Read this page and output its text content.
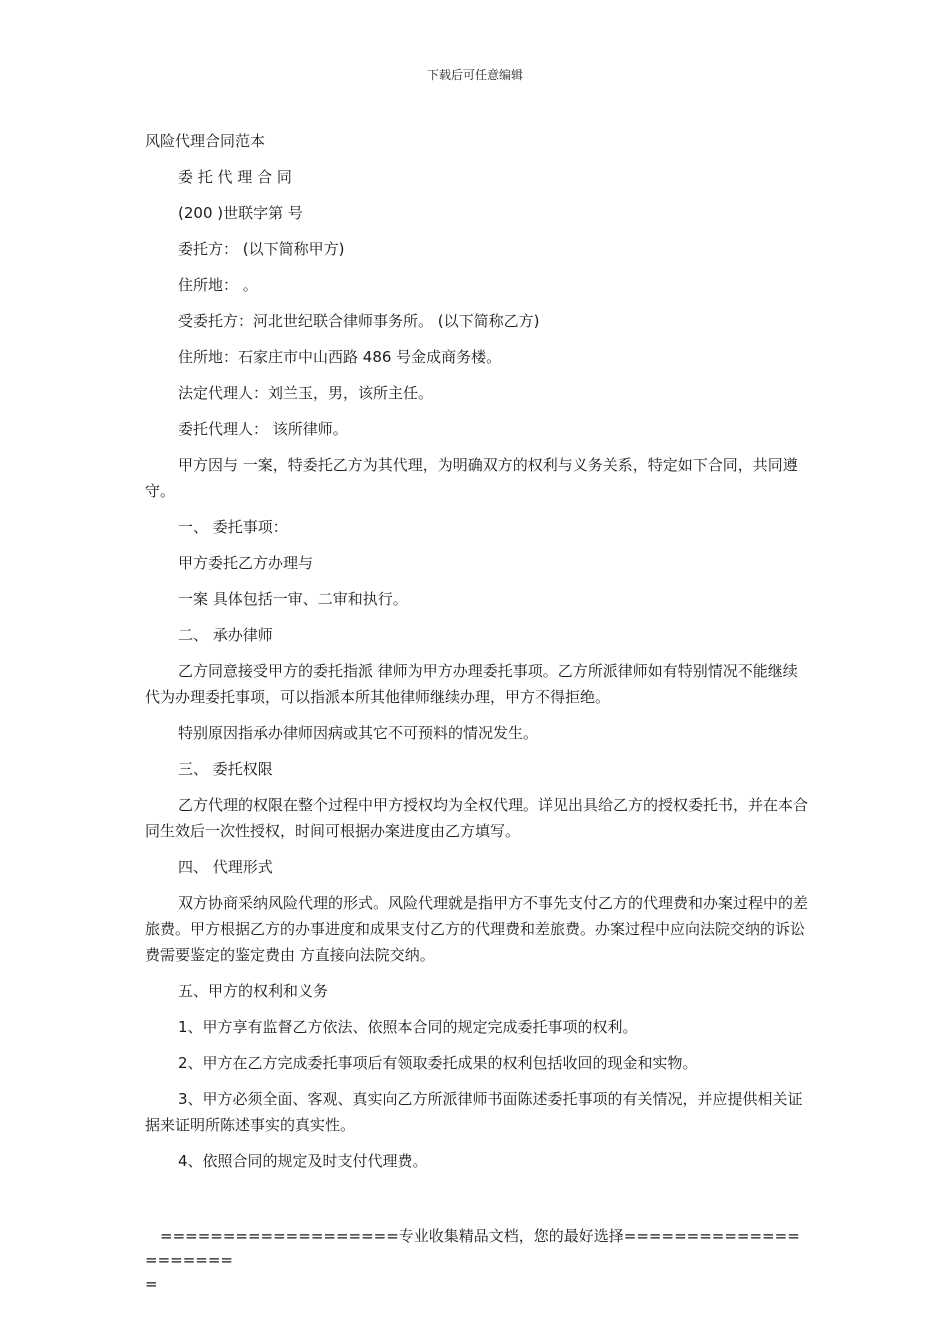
下载后可任意编辑

风险代理合同范本

委 托 代 理 合 同

(200 )世联字第 号

委托方： (以下简称甲方)

住所地： 。

受委托方：河北世纪联合律师事务所。 (以下简称乙方)

住所地：石家庄市中山西路 486 号金成商务楼。

法定代理人：刘兰玉，男，该所主任。

委托代理人： 该所律师。

甲方因与 一案，特委托乙方为其代理，为明确双方的权利与义务关系，特定如下合同，共同遵守。

一、 委托事项：

甲方委托乙方办理与

一案 具体包括一审、二审和执行。

二、 承办律师

乙方同意接受甲方的委托指派 律师为甲方办理委托事项。乙方所派律师如有特别情况不能继续代为办理委托事项，可以指派本所其他律师继续办理，甲方不得拒绝。

特别原因指承办律师因病或其它不可预料的情况发生。

三、 委托权限

乙方代理的权限在整个过程中甲方授权均为全权代理。详见出具给乙方的授权委托书，并在本合同生效后一次性授权，时间可根据办案进度由乙方填写。

四、 代理形式

双方协商采纳风险代理的形式。风险代理就是指甲方不事先支付乙方的代理费和办案过程中的差旅费。甲方根据乙方的办事进度和成果支付乙方的代理费和差旅费。办案过程中应向法院交纳的诉讼费需要鉴定的鉴定费由 方直接向法院交纳。

五、甲方的权利和义务

1、甲方享有监督乙方依法、依照本合同的规定完成委托事项的权利。

2、甲方在乙方完成委托事项后有领取委托成果的权利包括收回的现金和实物。

3、甲方必须全面、客观、真实向乙方所派律师书面陈述委托事项的有关情况，并应提供相关证据来证明所陈述事实的真实性。

4、依照合同的规定及时支付代理费。

===================专业收集精品文档，您的最好选择=====================
=
